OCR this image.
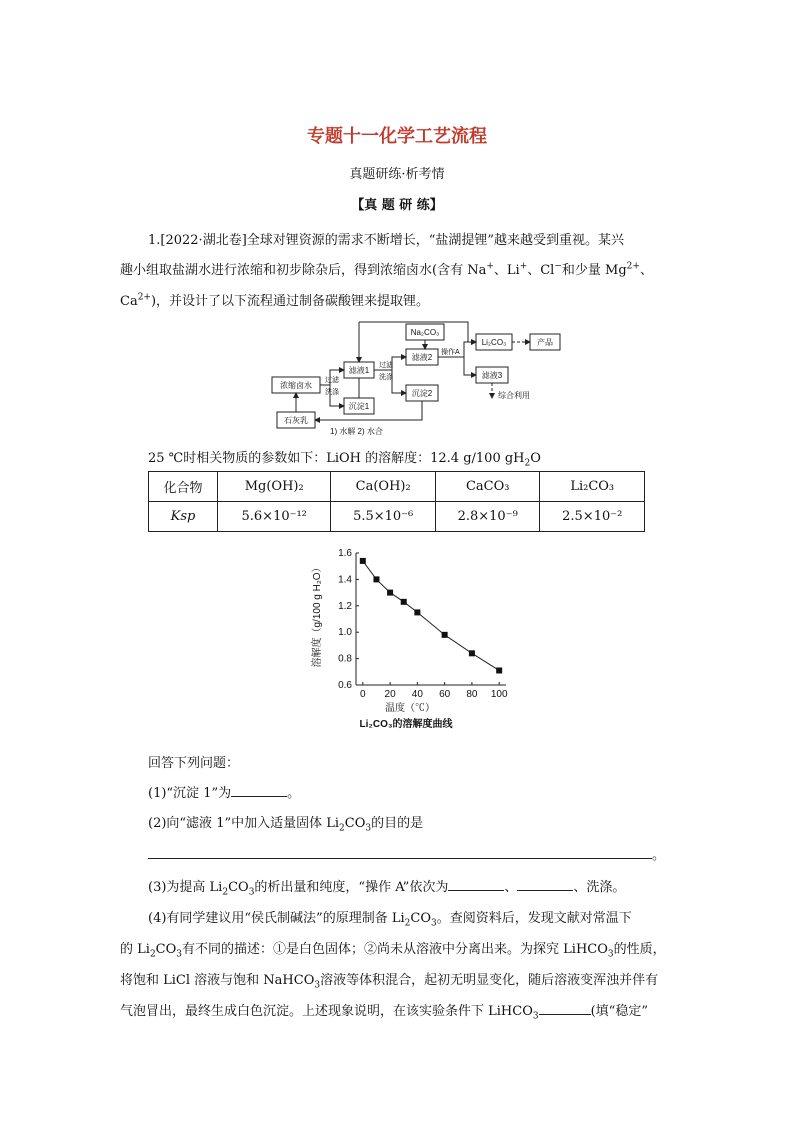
专题十一化学工艺流程
真题研练·析考情
【真 题 研 练】
1.[2022·湖北卷]全球对锂资源的需求不断增长，“盐湖提锂”越来越受到重视。某兴
趣小组取盐湖水进行浓缩和初步除杂后，得到浓缩卤水(含有 Na+、Li+、Cl−和少量 $Mg^{2+}$、
$Ca^{2+}$)，并设计了以下流程通过制备碳酸锂来提取锂。
浓缩卤水
石灰乳
滤液1
沉淀1
Na₂CO₃
滤液2
沉淀2
Li₂CO₃	产品
滤液3
综合利用
过滤
洗涤
过滤
洗涤
操作A
1) 水解 2) 水合
25 ℃时相关物质的参数如下：LiOH 的溶解度：12.4 g/100 $gH_2O$
化合物	Mg(OH)₂	Ca(OH)₂	CaCO₃	Li₂CO₃
Ksp	5.6×10⁻¹²	5.5×10⁻⁶	2.8×10⁻⁹	2.5×10⁻²
0 20 40 60 80 100
0.6
0.8
1.0
1.2
1.4
1.6
溶解度（g/100 g H₂O）
温度（℃）
Li₂CO₃的溶解度曲线
回答下列问题：
(1)“沉淀 1”为	。
(2)向“滤液 1”中加入适量固体 $Li_2CO_3$的目的是
。
(3)为提高 $Li_2CO_3$的析出量和纯度，“操作 A”依次为	、	、洗涤。
(4)有同学建议用“侯氏制碱法”的原理制备 $Li_2CO_3$。查阅资料后，发现文献对常温下
的 $Li_2CO_3$有不同的描述：①是白色固体；②尚未从溶液中分离出来。为探究 LiHCO$_3$的性质，
将饱和 LiCl 溶液与饱和 NaHCO$_3$溶液等体积混合，起初无明显变化，随后溶液变浑浊并伴有
气泡冒出，最终生成白色沉淀。上述现象说明，在该实验条件下 LiHCO$_3$	(填“稳定”
